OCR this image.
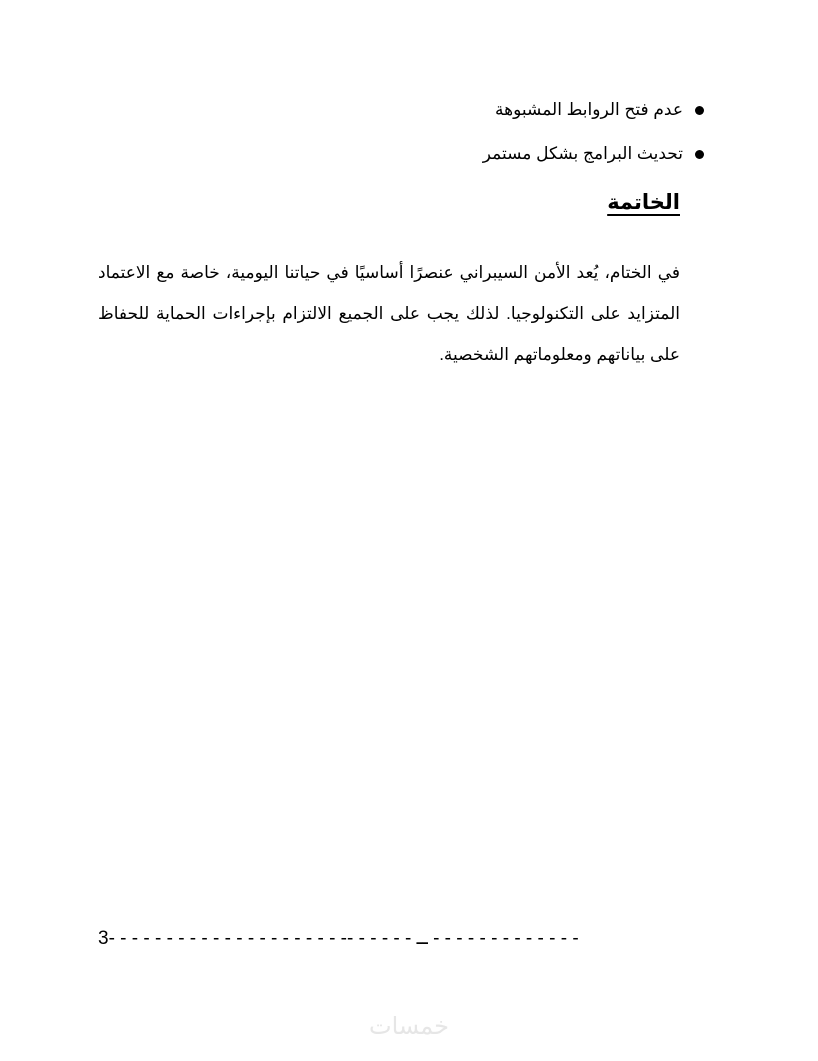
عدم فتح الروابط المشبوهة
تحديث البرامج بشكل مستمر
الخاتمة

في الختام، يُعد الأمن السيبراني عنصرًا أساسيًا في حياتنا اليومية، خاصة مع الاعتماد المتزايد على التكنولوجيا. لذلك يجب على الجميع الالتزام بإجراءات الحماية للحفاظ على بياناتهم ومعلوماتهم الشخصية.

3- - - - - - - - - - - - - - - - - - - - -- - - - - - ــ - - - - - - - - - - - - -
خمسات
